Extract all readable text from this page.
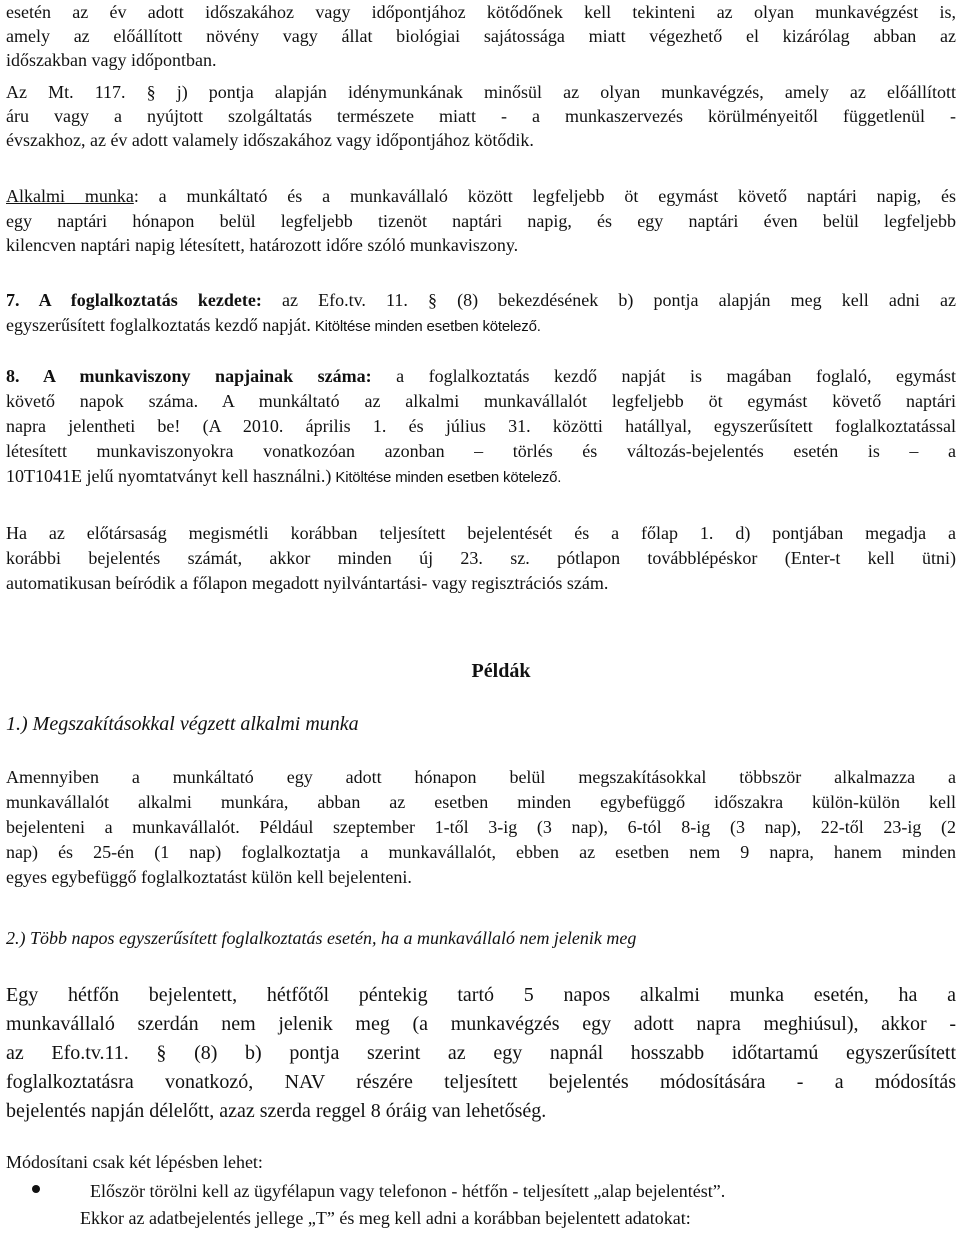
esetén az év adott időszakához vagy időpontjához kötődőnek kell tekinteni az olyan munkavégzést is,

amely az előállított növény vagy állat biológiai sajátossága miatt végezhető el kizárólag abban az

időszakban vagy időpontban.

Az Mt. 117. § j) pontja alapján idénymunkának minősül az olyan munkavégzés, amely az előállított

áru vagy a nyújtott szolgáltatás természete miatt - a munkaszervezés körülményeitől függetlenül -

évszakhoz, az év adott valamely időszakához vagy időpontjához kötődik.

Alkalmi munka: a munkáltató és a munkavállaló között legfeljebb öt egymást követő naptári napig, és

egy naptári hónapon belül legfeljebb tizenöt naptári napig, és egy naptári éven belül legfeljebb

kilencven naptári napig létesített, határozott időre szóló munkaviszony.

7. A foglalkoztatás kezdete: az Efo.tv. 11. § (8) bekezdésének b) pontja alapján meg kell adni az

egyszerűsített foglalkoztatás kezdő napját. Kitöltése minden esetben kötelező.

8. A munkaviszony napjainak száma: a foglalkoztatás kezdő napját is magában foglaló, egymást

követő napok száma. A munkáltató az alkalmi munkavállalót legfeljebb öt egymást követő naptári

napra jelentheti be! (A 2010. április 1. és július 31. közötti hatállyal, egyszerűsített foglalkoztatással

létesített munkaviszonyokra vonatkozóan azonban – törlés és változás-bejelentés esetén is – a

10T1041E jelű nyomtatványt kell használni.) Kitöltése minden esetben kötelező.

Ha az előtársaság megismétli korábban teljesített bejelentését és a főlap 1. d) pontjában megadja a

korábbi bejelentés számát, akkor minden új 23. sz. pótlapon továbblépéskor (Enter-t kell ütni)

automatikusan beíródik a főlapon megadott nyilvántartási- vagy regisztrációs szám.

Példák
1.) Megszakításokkal végzett alkalmi munka

Amennyiben a munkáltató egy adott hónapon belül megszakításokkal többször alkalmazza a

munkavállalót alkalmi munkára, abban az esetben minden egybefüggő időszakra külön-külön kell

bejelenteni a munkavállalót. Például szeptember 1-től 3-ig (3 nap), 6-tól 8-ig (3 nap), 22-től 23-ig (2

nap) és 25-én (1 nap) foglalkoztatja a munkavállalót, ebben az esetben nem 9 napra, hanem minden

egyes egybefüggő foglalkoztatást külön kell bejelenteni.

2.) Több napos egyszerűsített foglalkoztatás esetén, ha a munkavállaló nem jelenik meg

Egy hétfőn bejelentett, hétfőtől péntekig tartó 5 napos alkalmi munka esetén, ha a

munkavállaló szerdán nem jelenik meg (a munkavégzés egy adott napra meghiúsul), akkor -

az Efo.tv.11. § (8) b) pontja szerint az egy napnál hosszabb időtartamú egyszerűsített

foglalkoztatásra vonatkozó, NAV részére teljesített bejelentés módosítására - a módosítás

bejelentés napján délelőtt, azaz szerda reggel 8 óráig van lehetőség.

Módosítani csak két lépésben lehet:
Először törölni kell az ügyfélapun vagy telefonon - hétfőn - teljesített „alap bejelentést”.
Ekkor az adatbejelentés jellege „T” és meg kell adni a korábban bejelentett adatokat:
